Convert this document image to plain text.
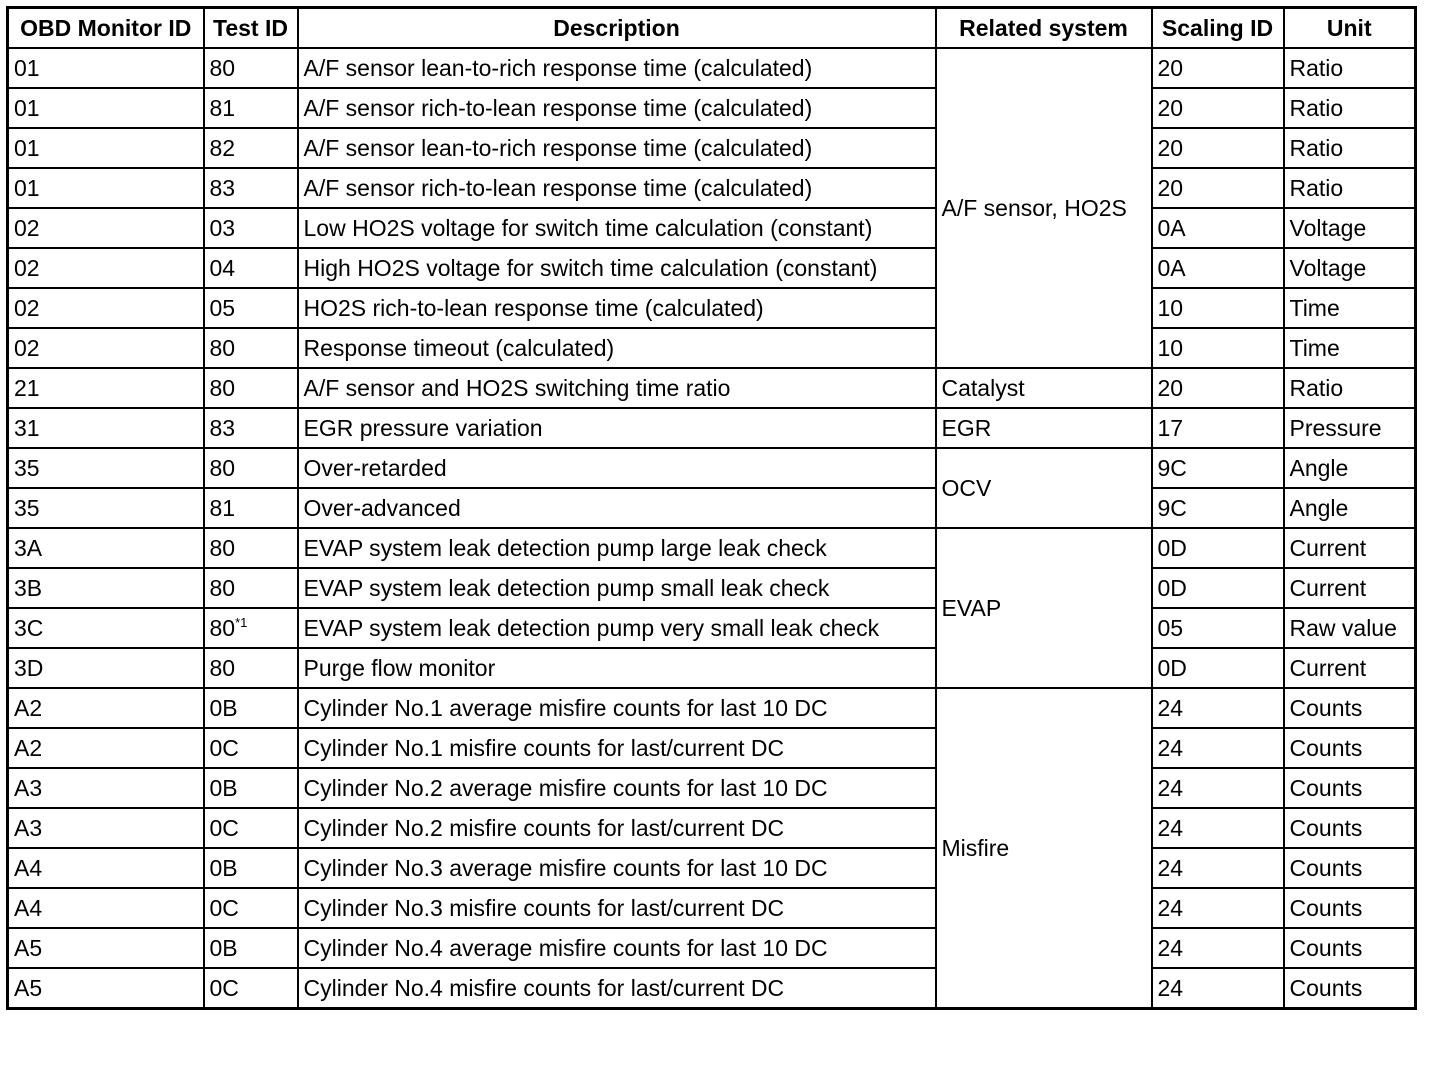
OBD Monitor ID	Test ID	Description	Related system	Scaling ID	Unit
01	80	A/F sensor lean-to-rich response time (calculated)	A/F sensor, HO2S	20	Ratio
01	81	A/F sensor rich-to-lean response time (calculated)		20	Ratio
01	82	A/F sensor lean-to-rich response time (calculated)		20	Ratio
01	83	A/F sensor rich-to-lean response time (calculated)		20	Ratio
02	03	Low HO2S voltage for switch time calculation (constant)		0A	Voltage
02	04	High HO2S voltage for switch time calculation (constant)		0A	Voltage
02	05	HO2S rich-to-lean response time (calculated)		10	Time
02	80	Response timeout (calculated)		10	Time
21	80	A/F sensor and HO2S switching time ratio	Catalyst	20	Ratio
31	83	EGR pressure variation	EGR	17	Pressure
35	80	Over-retarded	OCV	9C	Angle
35	81	Over-advanced		9C	Angle
3A	80	EVAP system leak detection pump large leak check	EVAP	0D	Current
3B	80	EVAP system leak detection pump small leak check		0D	Current
3C	80$^{*1}$	EVAP system leak detection pump very small leak check		05	Raw value
3D	80	Purge flow monitor		0D	Current
A2	0B	Cylinder No.1 average misfire counts for last 10 DC	Misfire	24	Counts
A2	0C	Cylinder No.1 misfire counts for last/current DC		24	Counts
A3	0B	Cylinder No.2 average misfire counts for last 10 DC		24	Counts
A3	0C	Cylinder No.2 misfire counts for last/current DC		24	Counts
A4	0B	Cylinder No.3 average misfire counts for last 10 DC		24	Counts
A4	0C	Cylinder No.3 misfire counts for last/current DC		24	Counts
A5	0B	Cylinder No.4 average misfire counts for last 10 DC		24	Counts
A5	0C	Cylinder No.4 misfire counts for last/current DC		24	Counts
